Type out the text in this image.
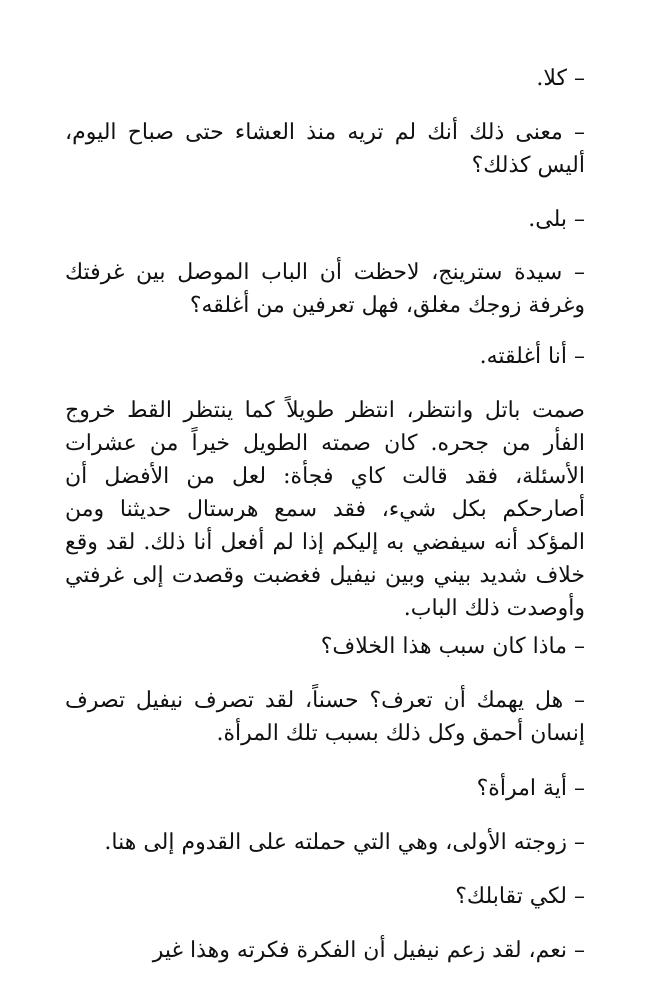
– كلا.

– معنى ذلك أنك لم تريه منذ العشاء حتى صباح اليوم، أليس كذلك؟

– بلى.

– سيدة سترينج، لاحظت أن الباب الموصل بين غرفتك وغرفة زوجك مغلق، فهل تعرفين من أغلقه؟

– أنا أغلقته.

صمت باتل وانتظر، انتظر طويلاً كما ينتظر القط خروج الفأر من جحره. كان صمته الطويل خيراً من عشرات الأسئلة، فقد قالت كاي فجأة: لعل من الأفضل أن أصارحكم بكل شيء، فقد سمع هرستال حديثنا ومن المؤكد أنه سيفضي به إليكم إذا لم أفعل أنا ذلك. لقد وقع خلاف شديد بيني وبين نيفيل فغضبت وقصدت إلى غرفتي وأوصدت ذلك الباب.

– ماذا كان سبب هذا الخلاف؟

– هل يهمك أن تعرف؟ حسناً، لقد تصرف نيفيل تصرف إنسان أحمق وكل ذلك بسبب تلك المرأة.

– أية امرأة؟

– زوجته الأولى، وهي التي حملته على القدوم إلى هنا.

– لكي تقابلك؟

– نعم، لقد زعم نيفيل أن الفكرة فكرته وهذا غير
